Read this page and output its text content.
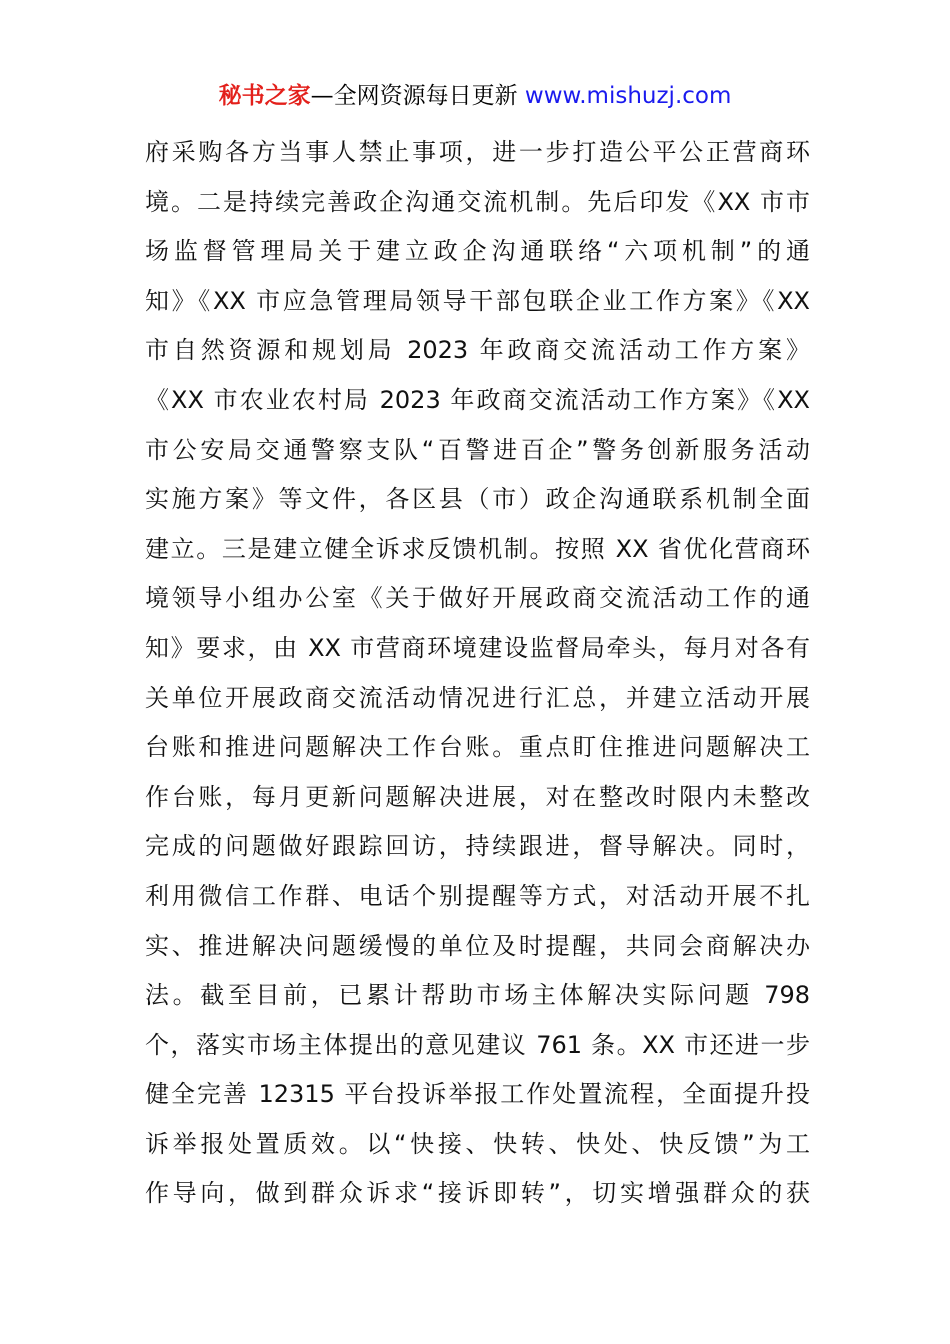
秘书之家—全网资源每日更新 www.mishuzj.com
府采购各方当事人禁止事项，进一步打造公平公正营商环
境。二是持续完善政企沟通交流机制。先后印发《XX 市市
场监督管理局关于建立政企沟通联络“六项机制”的通
知》《XX 市应急管理局领导干部包联企业工作方案》《XX
市自然资源和规划局 2023 年政商交流活动工作方案》
《XX 市农业农村局 2023 年政商交流活动工作方案》《XX
市公安局交通警察支队“百警进百企”警务创新服务活动
实施方案》等文件，各区县（市）政企沟通联系机制全面
建立。三是建立健全诉求反馈机制。按照 XX 省优化营商环
境领导小组办公室《关于做好开展政商交流活动工作的通
知》要求，由 XX 市营商环境建设监督局牵头，每月对各有
关单位开展政商交流活动情况进行汇总，并建立活动开展
台账和推进问题解决工作台账。重点盯住推进问题解决工
作台账，每月更新问题解决进展，对在整改时限内未整改
完成的问题做好跟踪回访，持续跟进，督导解决。同时，
利用微信工作群、电话个别提醒等方式，对活动开展不扎
实、推进解决问题缓慢的单位及时提醒，共同会商解决办
法。截至目前，已累计帮助市场主体解决实际问题 798
个，落实市场主体提出的意见建议 761 条。XX 市还进一步
健全完善 12315 平台投诉举报工作处置流程，全面提升投
诉举报处置质效。以“快接、快转、快处、快反馈”为工
作导向，做到群众诉求“接诉即转”，切实增强群众的获
